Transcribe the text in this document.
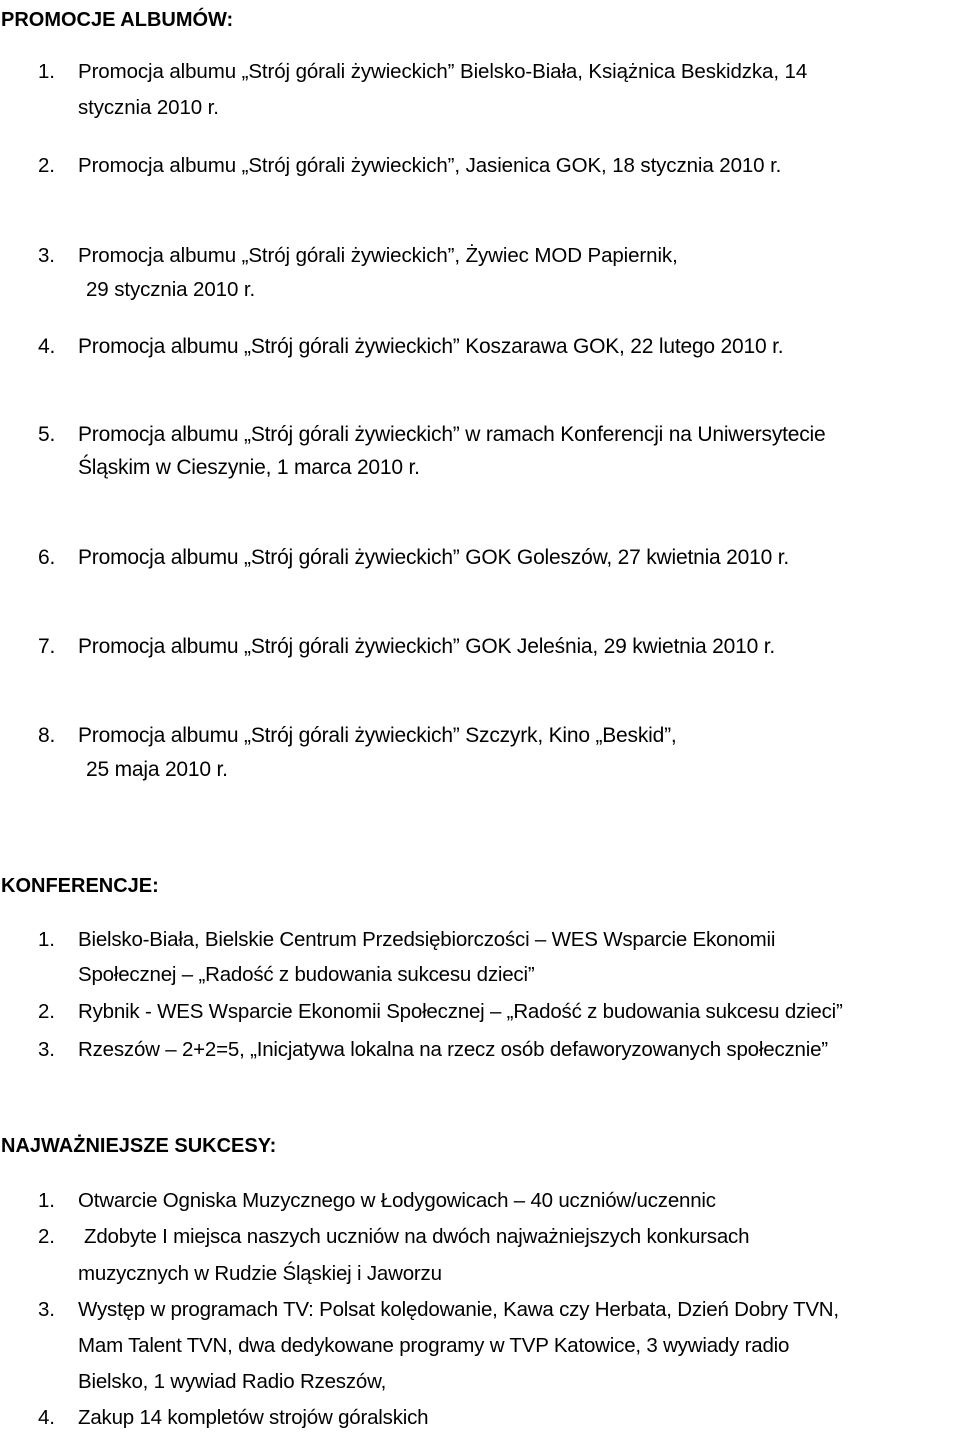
PROMOCJE ALBUMÓW:
1. Promocja albumu „Strój górali żywieckich” Bielsko-Biała, Książnica Beskidzka, 14
stycznia 2010 r.
2. Promocja albumu „Strój górali żywieckich”, Jasienica GOK, 18 stycznia 2010 r.
3. Promocja albumu „Strój górali żywieckich”, Żywiec MOD Papiernik,
29 stycznia 2010 r.
4. Promocja albumu „Strój górali żywieckich” Koszarawa GOK, 22 lutego 2010 r.
5. Promocja albumu „Strój górali żywieckich” w ramach Konferencji na Uniwersytecie
Śląskim w Cieszynie, 1 marca 2010 r.
6. Promocja albumu „Strój górali żywieckich” GOK Goleszów, 27 kwietnia 2010 r.
7. Promocja albumu „Strój górali żywieckich” GOK Jeleśnia, 29 kwietnia 2010 r.
8. Promocja albumu „Strój górali żywieckich” Szczyrk, Kino „Beskid”,
25 maja 2010 r.
KONFERENCJE:
1. Bielsko-Biała, Bielskie Centrum Przedsiębiorczości – WES Wsparcie Ekonomii
Społecznej – „Radość z budowania sukcesu dzieci”
2. Rybnik - WES Wsparcie Ekonomii Społecznej – „Radość z budowania sukcesu dzieci”
3. Rzeszów – 2+2=5, „Inicjatywa lokalna na rzecz osób defaworyzowanych społecznie”
NAJWAŻNIEJSZE SUKCESY:
1. Otwarcie Ogniska Muzycznego w Łodygowicach – 40 uczniów/uczennic
2. Zdobyte I miejsca naszych uczniów na dwóch najważniejszych konkursach
muzycznych w Rudzie Śląskiej i Jaworzu
3. Występ w programach TV: Polsat kolędowanie, Kawa czy Herbata, Dzień Dobry TVN,
Mam Talent TVN, dwa dedykowane programy w TVP Katowice, 3 wywiady radio
Bielsko, 1 wywiad Radio Rzeszów,
4. Zakup 14 kompletów strojów góralskich
